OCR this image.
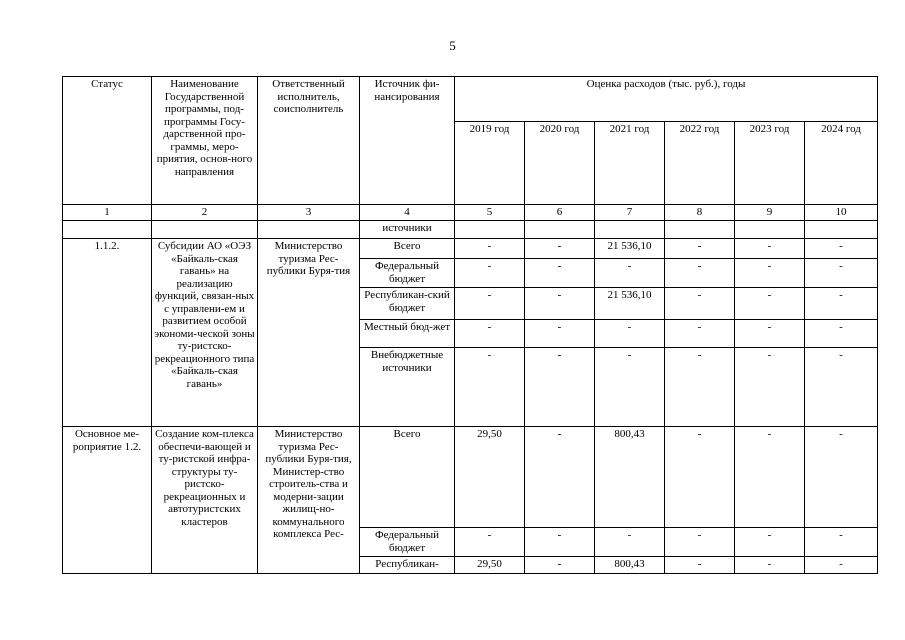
5
Статус	Наименование Государственной программы, под-программы Госу-дарственной про-граммы, меро-приятия, основ-ного направления	Ответственный исполнитель, соисполнитель	Источник фи-нансирования	Оценка расходов (тыс. руб.), годы					
				2019 год	2020 год	2021 год	2022 год	2023 год	2024 год
1	2	3	4	5	6	7	8	9	10
			источники						
1.1.2.	Субсидии АО «ОЭЗ «Байкаль-ская гавань» на реализацию функций, связан-ных с управлени-ем и развитием особой экономи-ческой зоны ту-ристско-рекреационного типа «Байкаль-ская гавань»	Министерство туризма Рес-публики Буря-тия	Всего	-	-	21 536,10	-	-	-
			Федеральный бюджет	-	-	-	-	-	-
			Республикан-ский бюджет	-	-	21 536,10	-	-	-
			Местный бюд-жет	-	-	-	-	-	-
			Внебюджетные источники	-	-	-	-	-	-
Основное ме-роприятие 1.2.	Создание ком-плекса обеспечи-вающей и ту-ристской инфра-структуры ту-ристско-рекреационных и автотуристских кластеров	Министерство туризма Рес-публики Буря-тия, Министер-ство строитель-ства и модерни-зации жилищ-но-коммунального комплекса Рес-	Всего	29,50	-	800,43	-	-	-
			Федеральный бюджет	-	-	-	-	-	-
			Республикан-	29,50	-	800,43	-	-	-
